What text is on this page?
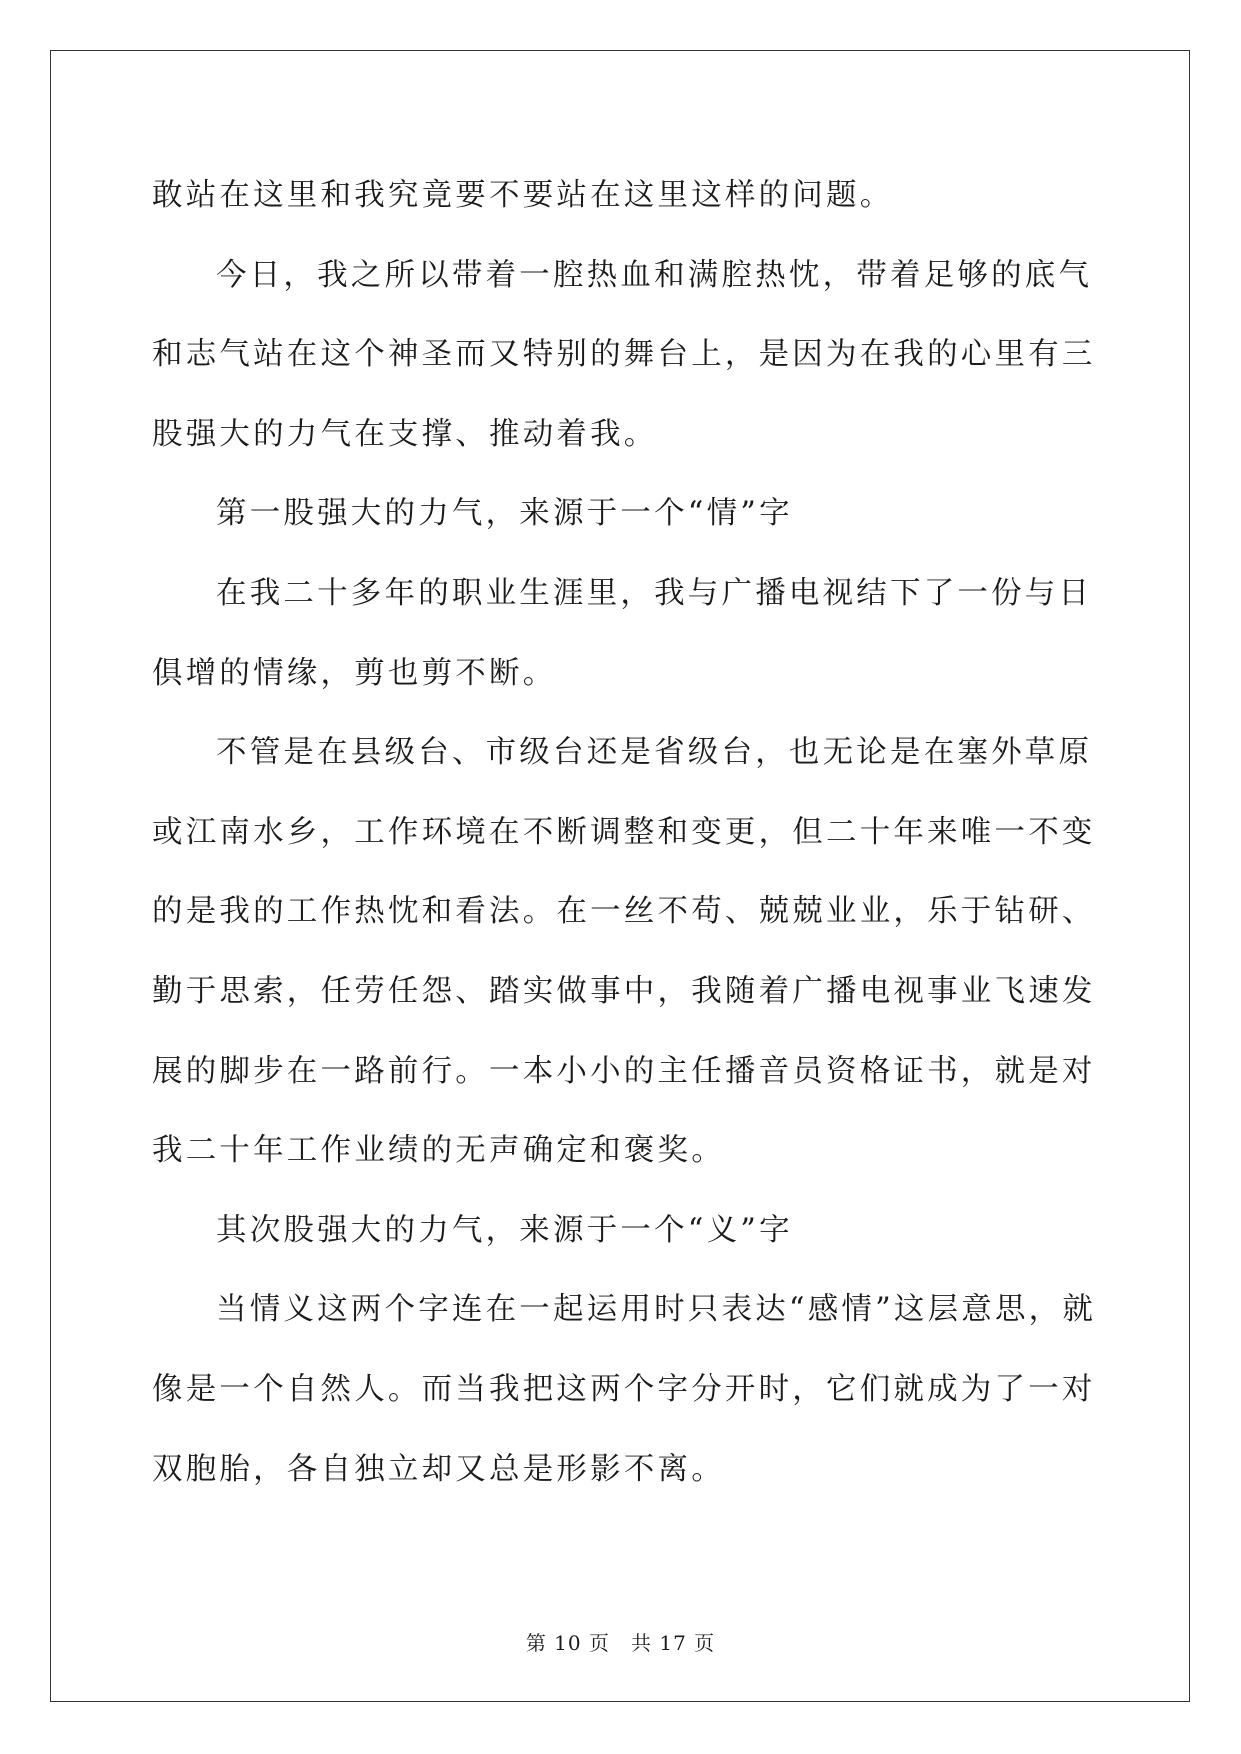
敢站在这里和我究竟要不要站在这里这样的问题。

今日，我之所以带着一腔热血和满腔热忱，带着足够的底气和志气站在这个神圣而又特别的舞台上，是因为在我的心里有三股强大的力气在支撑、推动着我。

第一股强大的力气，来源于一个“情”字

在我二十多年的职业生涯里，我与广播电视结下了一份与日俱增的情缘，剪也剪不断。

不管是在县级台、市级台还是省级台，也无论是在塞外草原或江南水乡，工作环境在不断调整和变更，但二十年来唯一不变的是我的工作热忱和看法。在一丝不苟、兢兢业业，乐于钻研、勤于思索，任劳任怨、踏实做事中，我随着广播电视事业飞速发展的脚步在一路前行。一本小小的主任播音员资格证书，就是对我二十年工作业绩的无声确定和褒奖。

其次股强大的力气，来源于一个“义”字

当情义这两个字连在一起运用时只表达“感情”这层意思，就像是一个自然人。而当我把这两个字分开时，它们就成为了一对双胞胎，各自独立却又总是形影不离。

第 10 页　共 17 页
